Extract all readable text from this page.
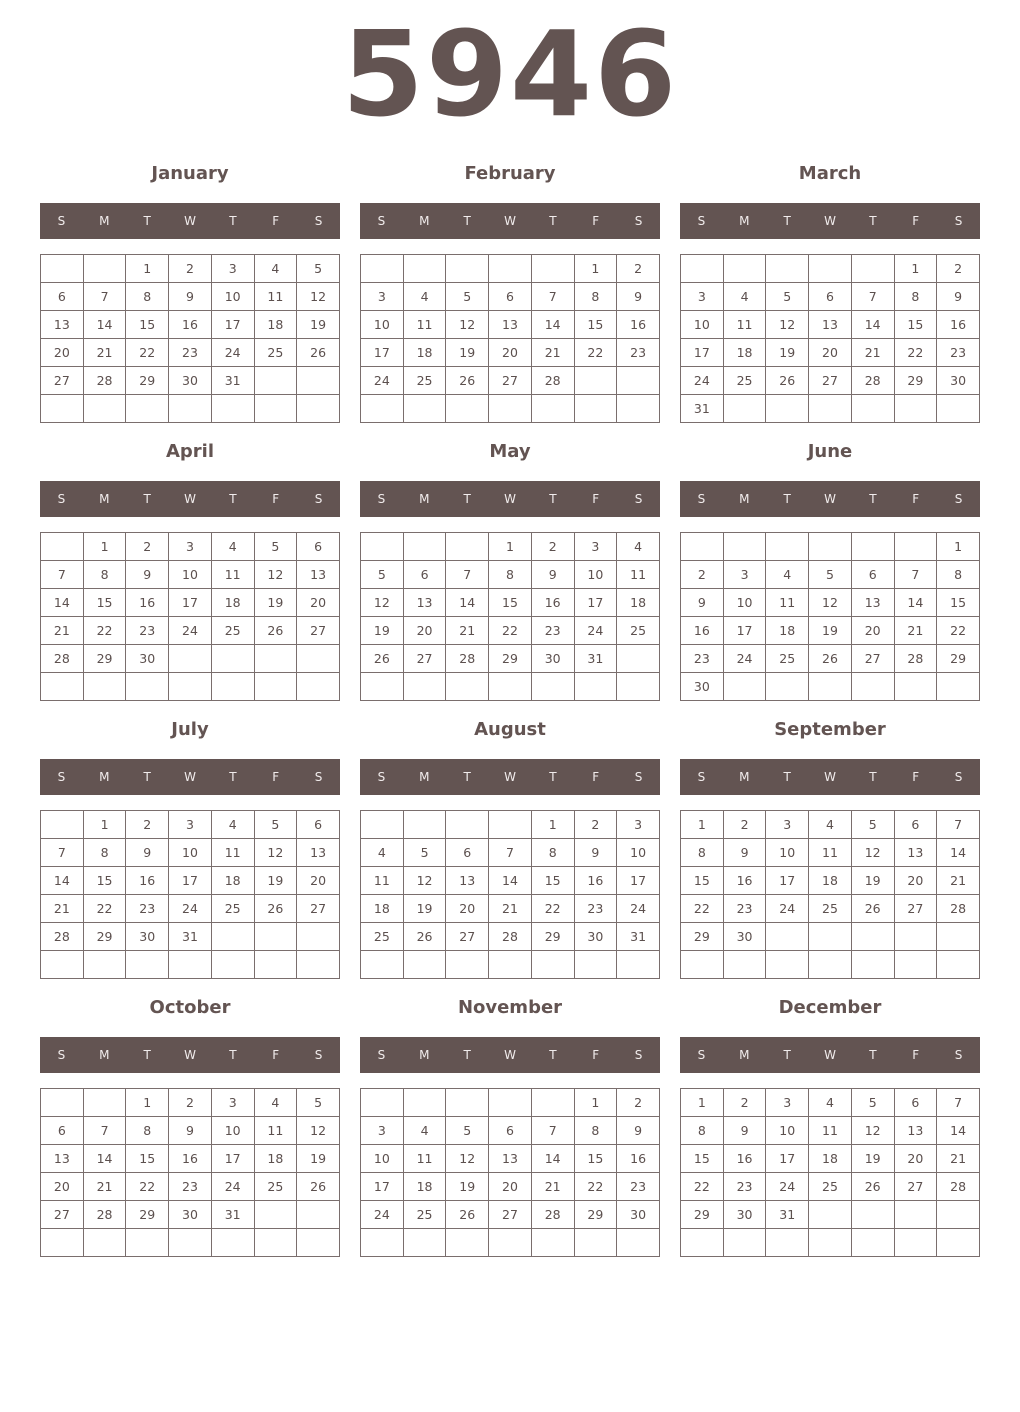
5946
January
S	M	T	W	T	F	S
		1	2	3	4	5
6	7	8	9	10	11	12
13	14	15	16	17	18	19
20	21	22	23	24	25	26
27	28	29	30	31		

February
S	M	T	W	T	F	S
					1	2
3	4	5	6	7	8	9
10	11	12	13	14	15	16
17	18	19	20	21	22	23
24	25	26	27	28		

March
S	M	T	W	T	F	S
					1	2
3	4	5	6	7	8	9
10	11	12	13	14	15	16
17	18	19	20	21	22	23
24	25	26	27	28	29	30
31						
April
S	M	T	W	T	F	S
	1	2	3	4	5	6
7	8	9	10	11	12	13
14	15	16	17	18	19	20
21	22	23	24	25	26	27
28	29	30				

May
S	M	T	W	T	F	S
			1	2	3	4
5	6	7	8	9	10	11
12	13	14	15	16	17	18
19	20	21	22	23	24	25
26	27	28	29	30	31	

June
S	M	T	W	T	F	S
						1
2	3	4	5	6	7	8
9	10	11	12	13	14	15
16	17	18	19	20	21	22
23	24	25	26	27	28	29
30						
July
S	M	T	W	T	F	S
	1	2	3	4	5	6
7	8	9	10	11	12	13
14	15	16	17	18	19	20
21	22	23	24	25	26	27
28	29	30	31			

August
S	M	T	W	T	F	S
				1	2	3
4	5	6	7	8	9	10
11	12	13	14	15	16	17
18	19	20	21	22	23	24
25	26	27	28	29	30	31

September
S	M	T	W	T	F	S
1	2	3	4	5	6	7
8	9	10	11	12	13	14
15	16	17	18	19	20	21
22	23	24	25	26	27	28
29	30					

October
S	M	T	W	T	F	S
		1	2	3	4	5
6	7	8	9	10	11	12
13	14	15	16	17	18	19
20	21	22	23	24	25	26
27	28	29	30	31		

November
S	M	T	W	T	F	S
					1	2
3	4	5	6	7	8	9
10	11	12	13	14	15	16
17	18	19	20	21	22	23
24	25	26	27	28	29	30

December
S	M	T	W	T	F	S
1	2	3	4	5	6	7
8	9	10	11	12	13	14
15	16	17	18	19	20	21
22	23	24	25	26	27	28
29	30	31				
